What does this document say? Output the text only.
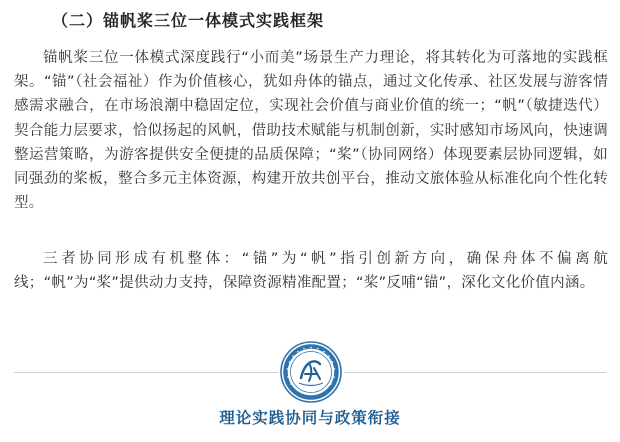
（二）锚帆桨三位一体模式实践框架

锚帆桨三位一体模式深度践行“小而美”场景生产力理论，将其转化为可落地的实践框架。“锚”（社会福祉）作为价值核心，犹如舟体的锚点，通过文化传承、社区发展与游客情感需求融合，在市场浪潮中稳固定位，实现社会价值与商业价值的统一；“帆”（敏捷迭代）契合能力层要求，恰似扬起的风帆，借助技术赋能与机制创新，实时感知市场风向，快速调整运营策略，为游客提供安全便捷的品质保障；“桨”（协同网络）体现要素层协同逻辑，如同强劲的桨板，整合多元主体资源，构建开放共创平台，推动文旅体验从标准化向个性化转型。

三者协同形成有机整体：“锚”为“帆”指引创新方向，确保舟体不偏离航线；“帆”为“桨”提供动力支持，保障资源精准配置；“桨”反哺“锚”，深化文化价值内涵。

理论实践协同与政策衔接
